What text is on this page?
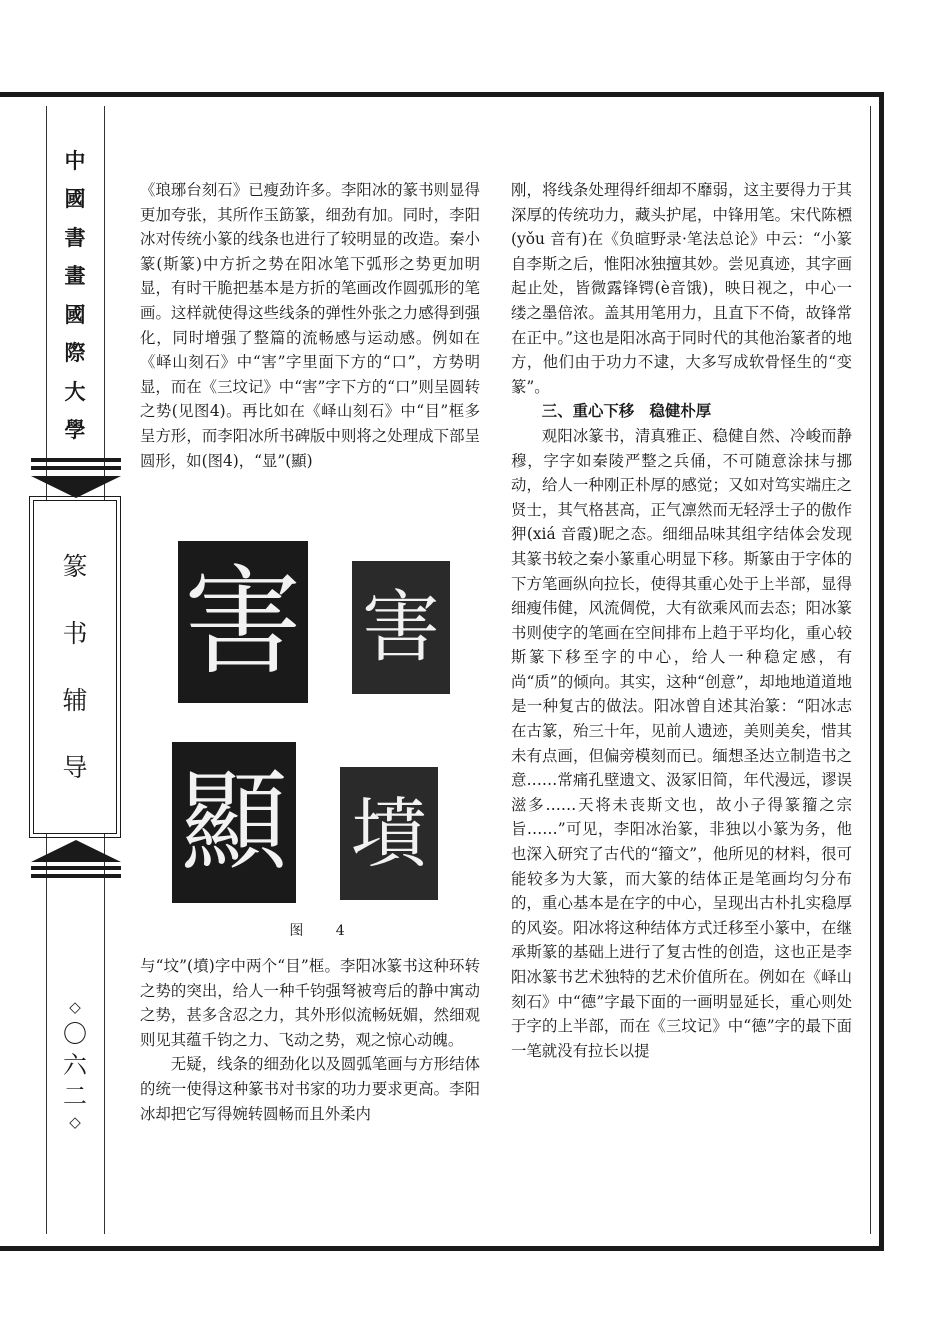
中
國
書
畫
國
際
大
學
篆
书
辅
导
◇
〇
六
二
◇

《琅琊台刻石》已瘦劲许多。李阳冰的篆书则显得更加夸张，其所作玉筯篆，细劲有加。同时，李阳冰对传统小篆的线条也进行了较明显的改造。秦小篆(斯篆)中方折之势在阳冰笔下弧形之势更加明显，有时干脆把基本是方折的笔画改作圆弧形的笔画。这样就使得这些线条的弹性外张之力感得到强化，同时增强了整篇的流畅感与运动感。例如在《峄山刻石》中“害”字里面下方的“口”，方势明显，而在《三坟记》中“害”字下方的“口”则呈圆转之势(见图4)。再比如在《峄山刻石》中“目”框多呈方形，而李阳冰所书碑版中则将之处理成下部呈圆形，如(图4)，“显”(顯)

害 害
顯 墳
图 4

与“坟”(墳)字中两个“目”框。李阳冰篆书这种环转之势的突出，给人一种千钧强弩被弯后的静中寓动之势，甚多含忍之力，其外形似流畅妩媚，然细观则见其蕴千钧之力、飞动之势，观之惊心动魄。

无疑，线条的细劲化以及圆弧笔画与方形结体的统一使得这种篆书对书家的功力要求更高。李阳冰却把它写得婉转圆畅而且外柔内

刚，将线条处理得纤细却不靡弱，这主要得力于其深厚的传统功力，藏头护尾，中锋用笔。宋代陈槱(yǒu 音有)在《负暄野录·笔法总论》中云：“小篆自李斯之后，惟阳冰独擅其妙。尝见真迹，其字画起止处，皆微露锋锷(è音饿)，映日视之，中心一缕之墨倍浓。盖其用笔用力，且直下不倚，故锋常在正中。”这也是阳冰高于同时代的其他治篆者的地方，他们由于功力不逮，大多写成软骨怪生的“变篆”。

三、重心下移　稳健朴厚

观阳冰篆书，清真雅正、稳健自然、冷峻而静穆，字字如秦陵严整之兵俑，不可随意涂抹与挪动，给人一种刚正朴厚的感觉；又如对笃实端庄之贤士，其气格甚高，正气凛然而无轻浮士子的傲作狎(xiá 音霞)昵之态。细细品味其组字结体会发现其篆书较之秦小篆重心明显下移。斯篆由于字体的下方笔画纵向拉长，使得其重心处于上半部，显得细瘦伟健，风流倜傥，大有欲乘风而去态；阳冰篆书则使字的笔画在空间排布上趋于平均化，重心较斯篆下移至字的中心，给人一种稳定感，有尚“质”的倾向。其实，这种“创意”，却地地道道地是一种复古的做法。阳冰曾自述其治篆：“阳冰志在古篆，殆三十年，见前人遗迹，美则美矣，惜其未有点画，但偏旁模刻而已。缅想圣达立制造书之意……常痛孔壁遗文、汲冢旧简，年代漫远，谬误滋多……天将未丧斯文也，故小子得篆籀之宗旨……”可见，李阳冰治篆，非独以小篆为务，他也深入研究了古代的“籀文”，他所见的材料，很可能较多为大篆，而大篆的结体正是笔画均匀分布的，重心基本是在字的中心，呈现出古朴扎实稳厚的风姿。阳冰将这种结体方式迁移至小篆中，在继承斯篆的基础上进行了复古性的创造，这也正是李阳冰篆书艺术独特的艺术价值所在。例如在《峄山刻石》中“德”字最下面的一画明显延长，重心则处于字的上半部，而在《三坟记》中“德”字的最下面一笔就没有拉长以提
